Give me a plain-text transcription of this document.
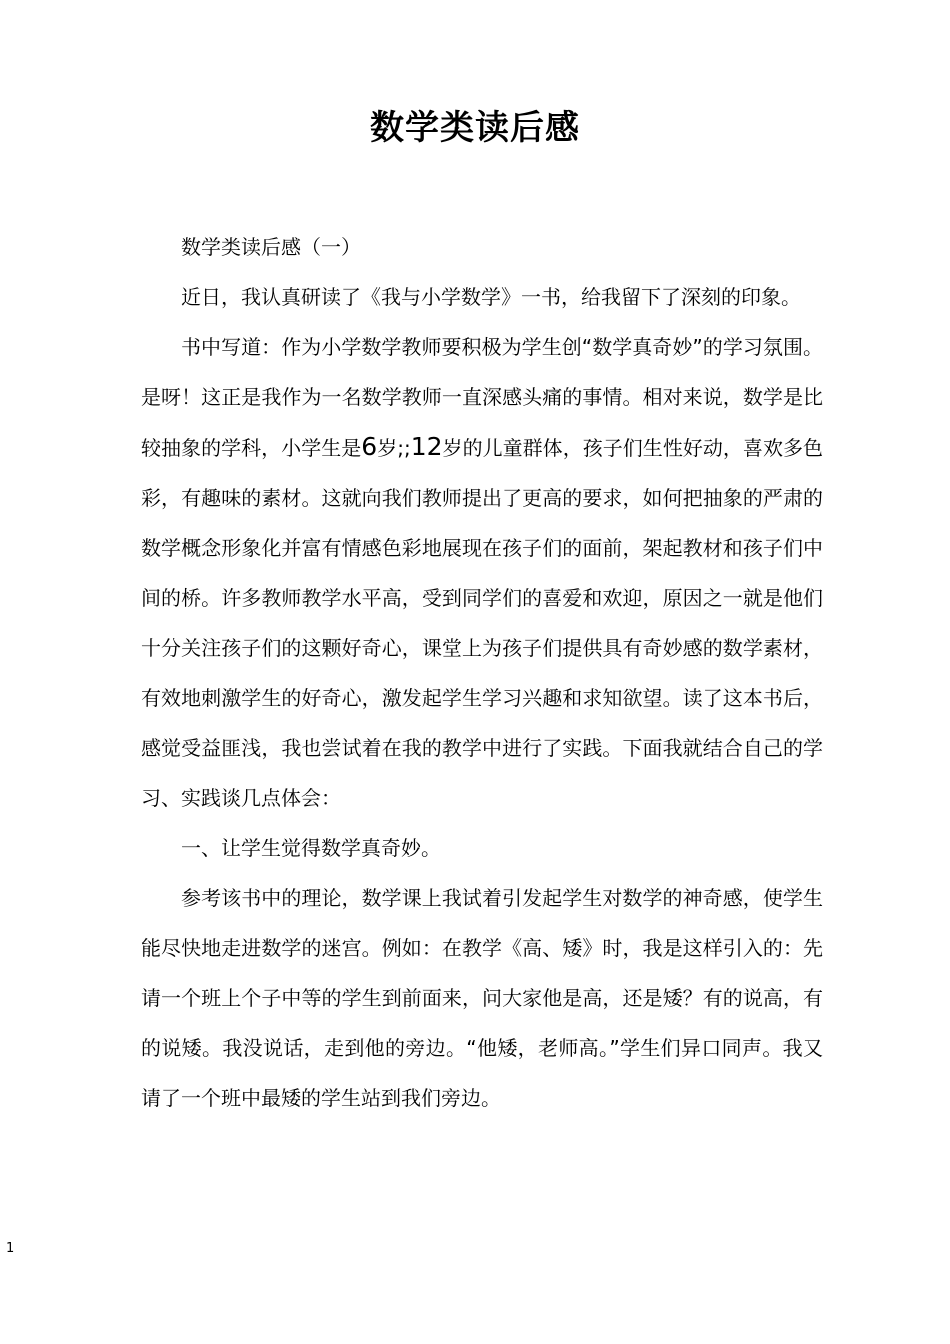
数学类读后感

数学类读后感（一）

近日，我认真研读了《我与小学数学》一书，给我留下了深刻的印象。

书中写道：作为小学数学教师要积极为学生创“数学真奇妙”的学习氛围。是呀！这正是我作为一名数学教师一直深感头痛的事情。相对来说，数学是比较抽象的学科，小学生是6岁;;12岁的儿童群体，孩子们生性好动，喜欢多色彩，有趣味的素材。这就向我们教师提出了更高的要求，如何把抽象的严肃的数学概念形象化并富有情感色彩地展现在孩子们的面前，架起教材和孩子们中间的桥。许多教师教学水平高，受到同学们的喜爱和欢迎，原因之一就是他们十分关注孩子们的这颗好奇心，课堂上为孩子们提供具有奇妙感的数学素材，有效地刺激学生的好奇心，激发起学生学习兴趣和求知欲望。读了这本书后，感觉受益匪浅，我也尝试着在我的教学中进行了实践。下面我就结合自己的学习、实践谈几点体会：

一、让学生觉得数学真奇妙。

参考该书中的理论，数学课上我试着引发起学生对数学的神奇感，使学生能尽快地走进数学的迷宫。例如：在教学《高、矮》时，我是这样引入的：先请一个班上个子中等的学生到前面来，问大家他是高，还是矮？有的说高，有的说矮。我没说话，走到他的旁边。“他矮，老师高。”学生们异口同声。我又请了一个班中最矮的学生站到我们旁边。

1
